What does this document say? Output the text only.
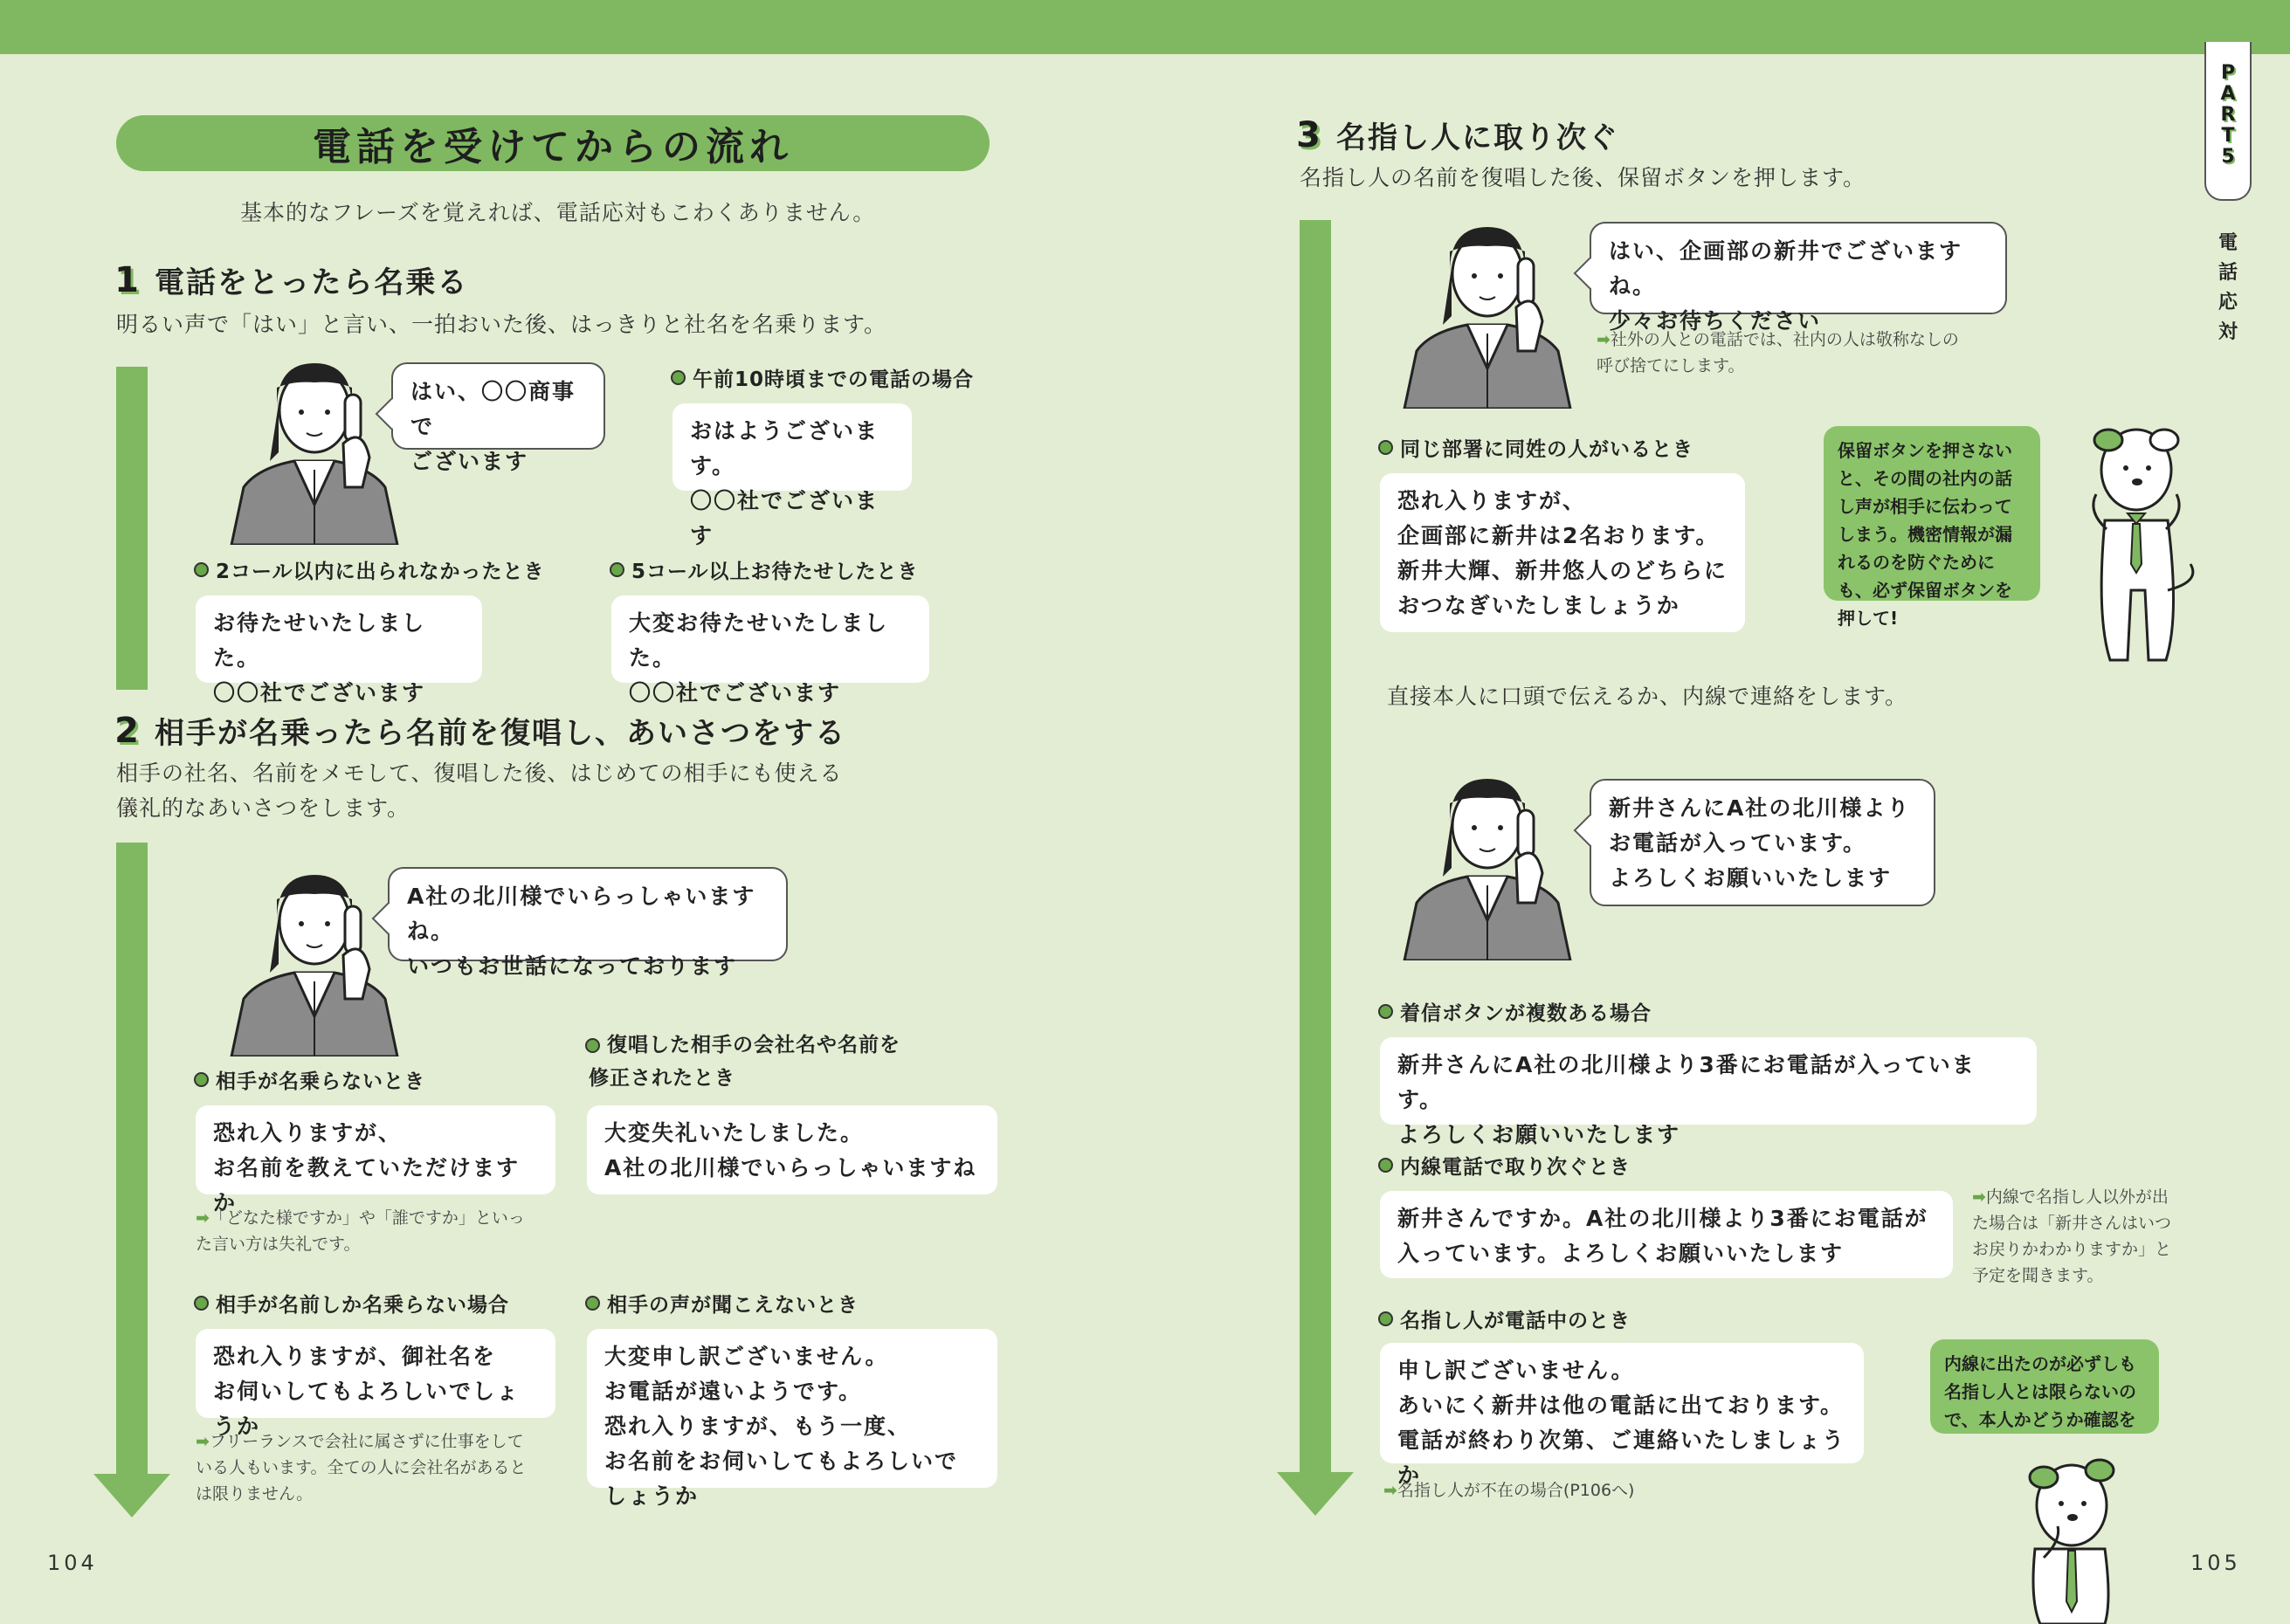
電話を受けてからの流れ
基本的なフレーズを覚えれば、電話応対もこわくありません。
1 電話をとったら名乗る
明るい声で「はい」と言い、一拍おいた後、はっきりと社名を名乗ります。
はい、〇〇商事で
ございます
午前10時頃までの電話の場合
おはようございます。
〇〇社でございます
2コール以内に出られなかったとき
お待たせいたしました。
〇〇社でございます
5コール以上お待たせしたとき
大変お待たせいたしました。
〇〇社でございます
2 相手が名乗ったら名前を復唱し、あいさつをする
相手の社名、名前をメモして、復唱した後、はじめての相手にも使える
儀礼的なあいさつをします。
A社の北川様でいらっしゃいますね。
いつもお世話になっております
復唱した相手の会社名や名前を
修正されたとき
相手が名乗らないとき
恐れ入りますが、
お名前を教えていただけますか
➡「どなた様ですか」や「誰ですか」といっ
た言い方は失礼です。
大変失礼いたしました。
A社の北川様でいらっしゃいますね
相手が名前しか名乗らない場合
恐れ入りますが、御社名を
お伺いしてもよろしいでしょうか
➡フリーランスで会社に属さずに仕事をして
いる人もいます。全ての人に会社名があると
は限りません。
相手の声が聞こえないとき
大変申し訳ございません。
お電話が遠いようです。
恐れ入りますが、もう一度、
お名前をお伺いしてもよろしいでしょうか
104
3 名指し人に取り次ぐ
名指し人の名前を復唱した後、保留ボタンを押します。
はい、企画部の新井でございますね。
少々お待ちください
➡社外の人との電話では、社内の人は敬称なしの
呼び捨てにします。
同じ部署に同姓の人がいるとき
恐れ入りますが、
企画部に新井は2名おります。
新井大輝、新井悠人のどちらに
おつなぎいたしましょうか
保留ボタンを押さないと、その間の社内の話し声が相手に伝わってしまう。機密情報が漏れるのを防ぐためにも、必ず保留ボタンを押して!
直接本人に口頭で伝えるか、内線で連絡をします。
新井さんにA社の北川様より
お電話が入っています。
よろしくお願いいたします
着信ボタンが複数ある場合
新井さんにA社の北川様より3番にお電話が入っています。
よろしくお願いいたします
内線電話で取り次ぐとき
新井さんですか。A社の北川様より3番にお電話が
入っています。よろしくお願いいたします
➡内線で名指し人以外が出た場合は「新井さんはいつお戻りかわかりますか」と予定を聞きます。
名指し人が電話中のとき
申し訳ございません。
あいにく新井は他の電話に出ております。
電話が終わり次第、ご連絡いたしましょうか
➡名指し人が不在の場合(P106へ)
内線に出たのが必ずしも名指し人とは限らないので、本人かどうか確認を
PART5
電話応対
105
